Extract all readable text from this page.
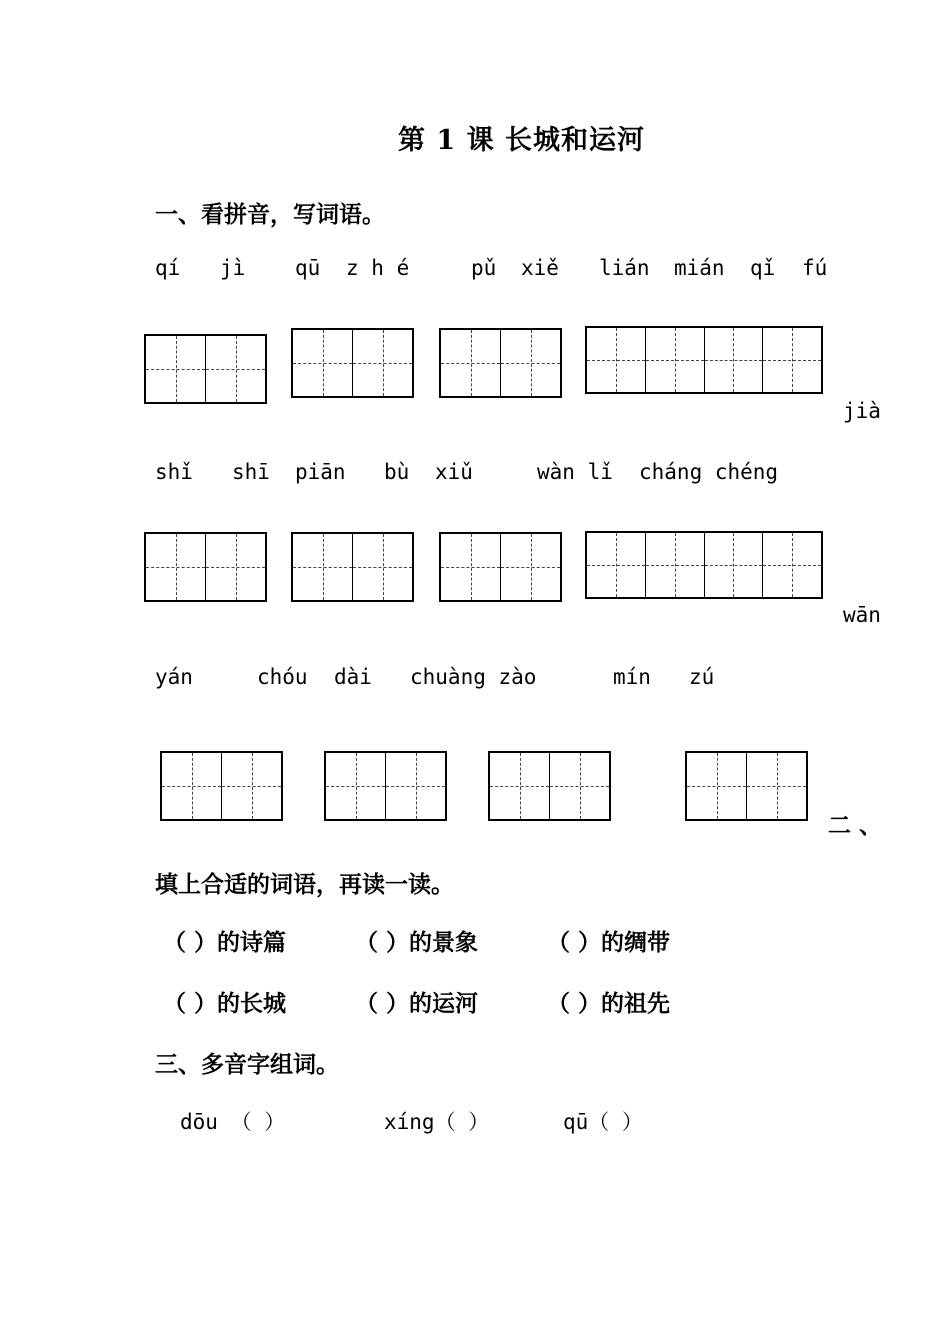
第 1 课 长城和运河
一、看拼音，写词语。
qí jì qū z h é	pǔ xiě lián mián qǐ fú
jià
shǐ shī piān bù xiǔ	wàn lǐ cháng chéng
wān
yán	chóu dài chuàng zào	mín zú
二 、
填上合适的词语，再读一读。
（ ）的诗篇	（ ）的景象	（ ）的绸带
（ ）的长城	（ ）的运河	（ ）的祖先
三、多音字组词。
dōu （ ）	xíng（ ）	qū（ ）
